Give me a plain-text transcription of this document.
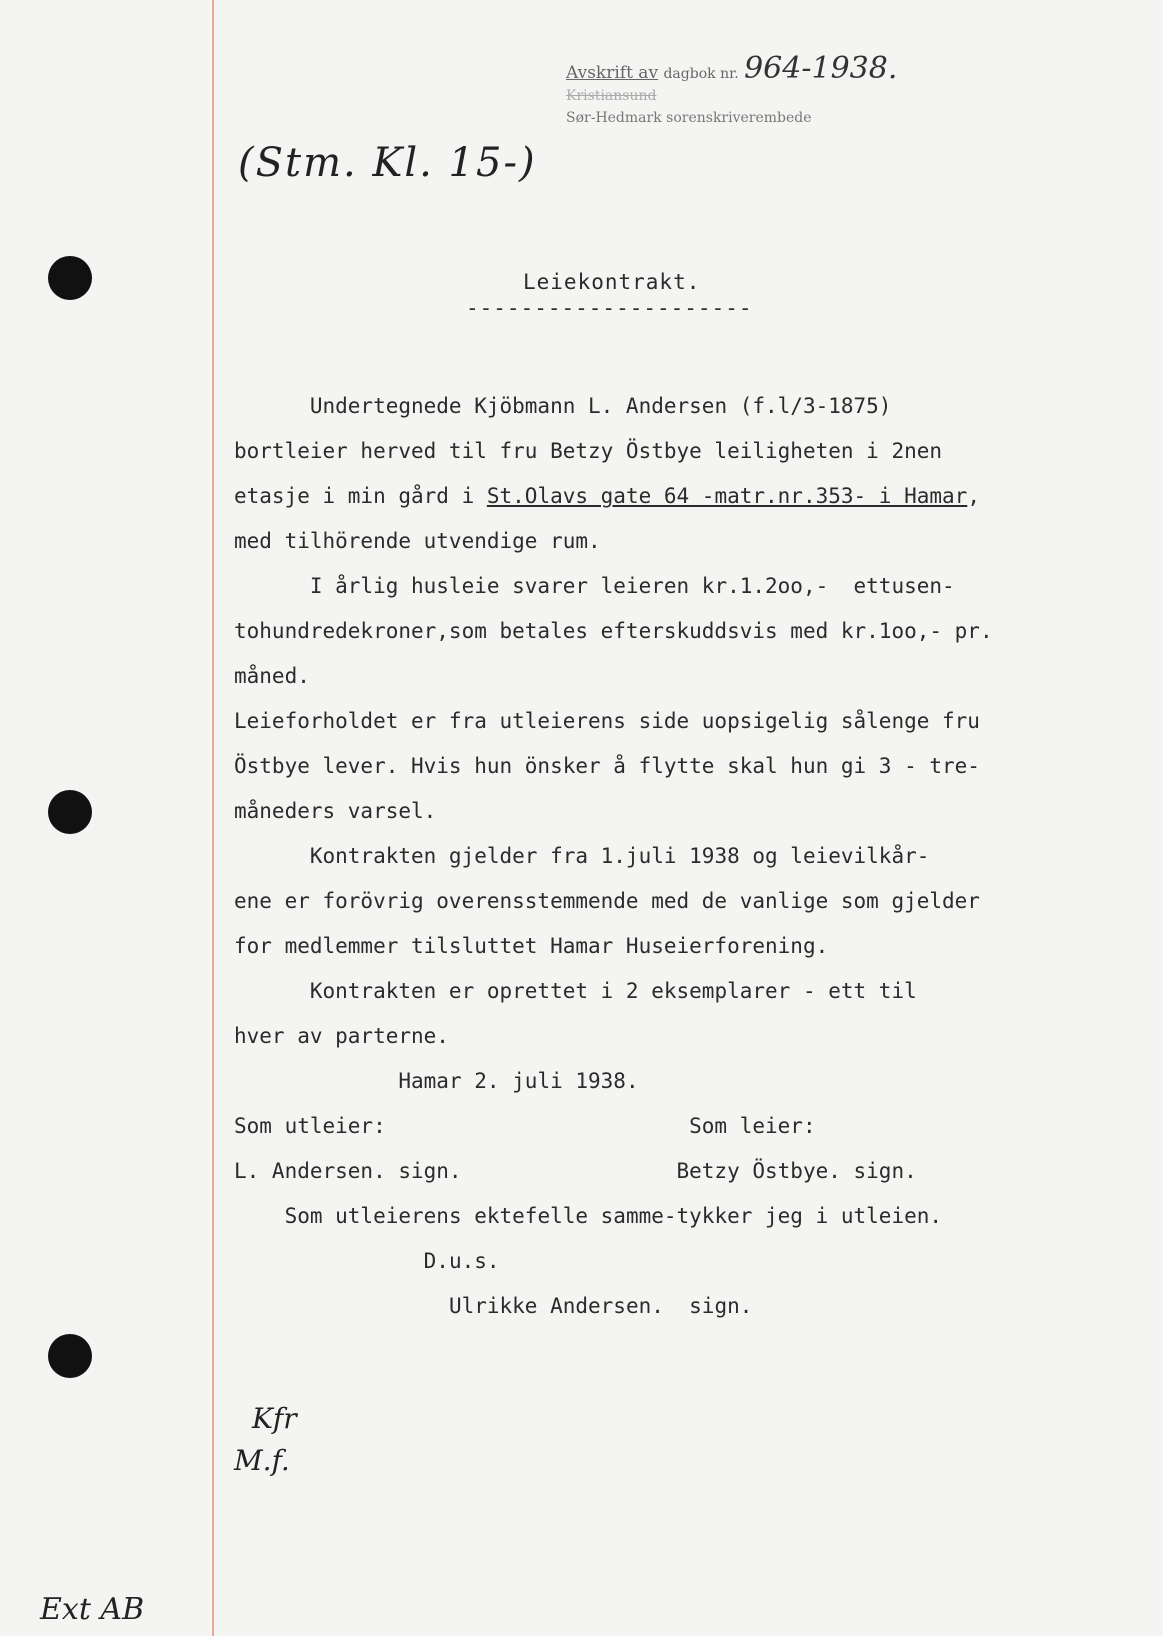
Avskrift av dagbok nr. 964-1938.
Kristiansund
Sør-Hedmark sorenskriverembede
(Stm. Kl. 15-)
Leiekontrakt.
---------------------
Undertegnede Kjöbmann L. Andersen (f.l/3-1875)
bortleier herved til fru Betzy Östbye leiligheten i 2nen
etasje i min gård i St.Olavs gate 64 -matr.nr.353- i Hamar,
med tilhörende utvendige rum.
I årlig husleie svarer leieren kr.1.2oo,-  ettusen-
tohundredekroner,som betales efterskuddsvis med kr.1oo,- pr.
måned.
Leieforholdet er fra utleierens side uopsigelig sålenge fru
Östbye lever. Hvis hun önsker å flytte skal hun gi 3 - tre-
måneders varsel.
Kontrakten gjelder fra 1.juli 1938 og leievilkår-
ene er forövrig overensstemmende med de vanlige som gjelder
for medlemmer tilsluttet Hamar Huseierforening.
Kontrakten er oprettet i 2 eksemplarer - ett til
hver av parterne.
Hamar 2. juli 1938.
Som utleier:                        Som leier:
L. Andersen. sign.                 Betzy Östbye. sign.
Som utleierens ektefelle samme-tykker jeg i utleien.
D.u.s.
Ulrikke Andersen.  sign.
Kfr
M.f.
Ext AB
